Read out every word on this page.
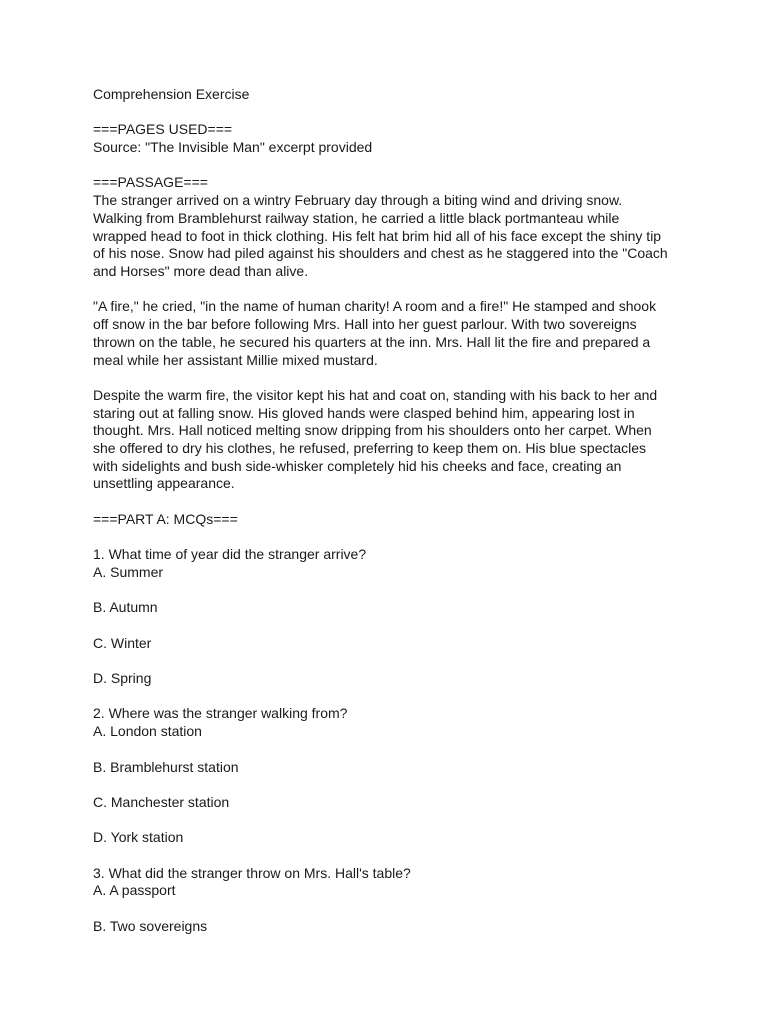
Comprehension Exercise
===PAGES USED===
Source: "The Invisible Man" excerpt provided
===PASSAGE===
The stranger arrived on a wintry February day through a biting wind and driving snow.
Walking from Bramblehurst railway station, he carried a little black portmanteau while
wrapped head to foot in thick clothing. His felt hat brim hid all of his face except the shiny tip
of his nose. Snow had piled against his shoulders and chest as he staggered into the "Coach
and Horses" more dead than alive.
"A fire," he cried, "in the name of human charity! A room and a fire!" He stamped and shook
off snow in the bar before following Mrs. Hall into her guest parlour. With two sovereigns
thrown on the table, he secured his quarters at the inn. Mrs. Hall lit the fire and prepared a
meal while her assistant Millie mixed mustard.
Despite the warm fire, the visitor kept his hat and coat on, standing with his back to her and
staring out at falling snow. His gloved hands were clasped behind him, appearing lost in
thought. Mrs. Hall noticed melting snow dripping from his shoulders onto her carpet. When
she offered to dry his clothes, he refused, preferring to keep them on. His blue spectacles
with sidelights and bush side-whisker completely hid his cheeks and face, creating an
unsettling appearance.
===PART A: MCQs===
1. What time of year did the stranger arrive?
A. Summer
B. Autumn
C. Winter
D. Spring
2. Where was the stranger walking from?
A. London station
B. Bramblehurst station
C. Manchester station
D. York station
3. What did the stranger throw on Mrs. Hall's table?
A. A passport
B. Two sovereigns
